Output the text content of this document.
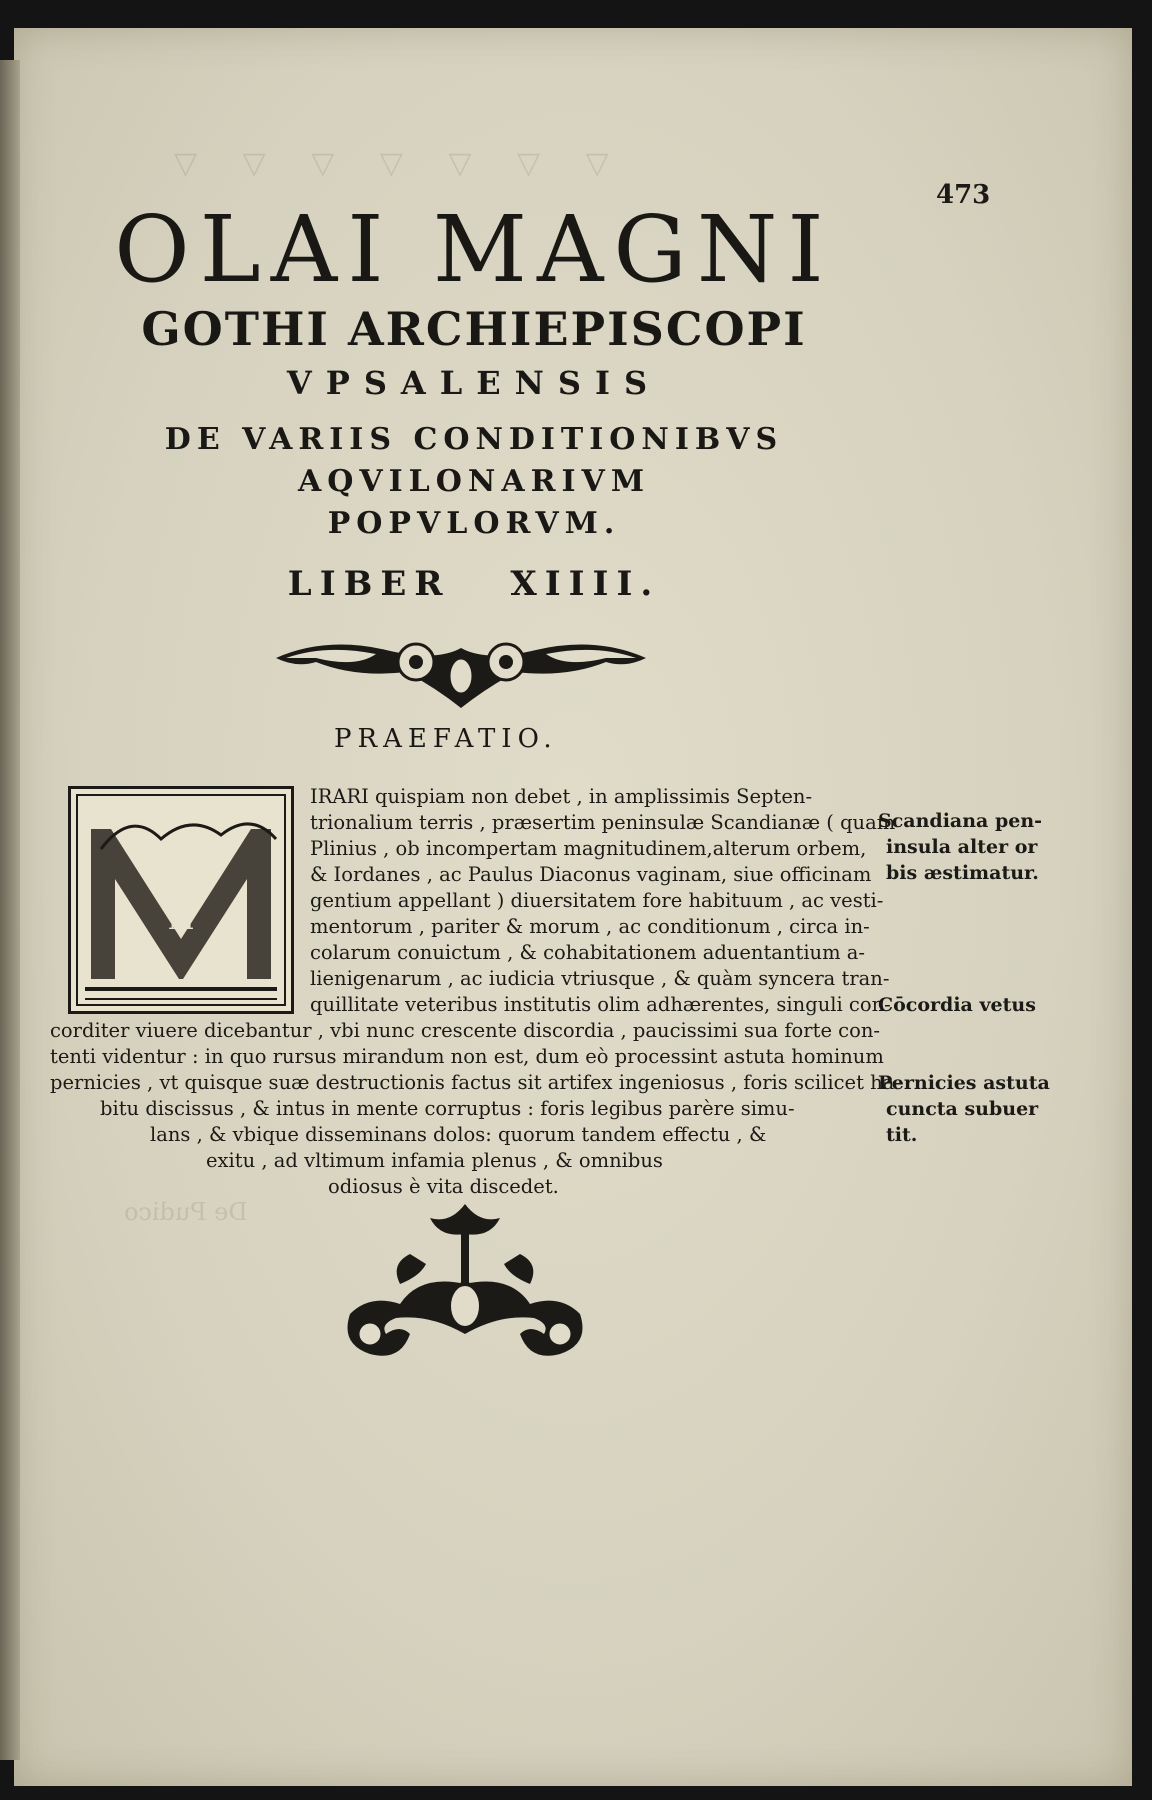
▽ ▽ ▽ ▽ ▽ ▽ ▽
De Pudico
473
OLAI MAGNI
GOTHI ARCHIEPISCOPI
VPSALENSIS
DE VARIIS CONDITIONIBVS
AQVILONARIVM
POPVLORVM.
LIBER XIIII.
PRAEFATIO.
M
IRARI quispiam non debet , in amplissimis Septen-
trionalium terris , præsertim peninsulæ Scandianæ ( quam
Plinius , ob incompertam magnitudinem,alterum orbem,
& Iordanes , ac Paulus Diaconus vaginam, siue officinam
gentium appellant ) diuersitatem fore habituum , ac vesti-
mentorum , pariter & morum , ac conditionum , circa in-
colarum conuictum , & cohabitationem aduentantium a-
lienigenarum , ac iudicia vtriusque , & quàm syncera tran-
quillitate veteribus institutis olim adhærentes, singuli con-
corditer viuere dicebantur , vbi nunc crescente discordia , paucissimi sua forte con-
tenti videntur : in quo rursus mirandum non est, dum eò processint astuta hominum
pernicies , vt quisque suæ destructionis factus sit artifex ingeniosus , foris scilicet ha-
bitu discissus , & intus in mente corruptus : foris legibus parère simu-
lans , & vbique disseminans dolos: quorum tandem effectu , &
exitu , ad vltimum infamia plenus , & omnibus
odiosus è vita discedet.
Scandiana pen-
insula alter or
bis æstimatur.
Cōcordia vetus
Pernicies astuta
cuncta subuer
tit.
